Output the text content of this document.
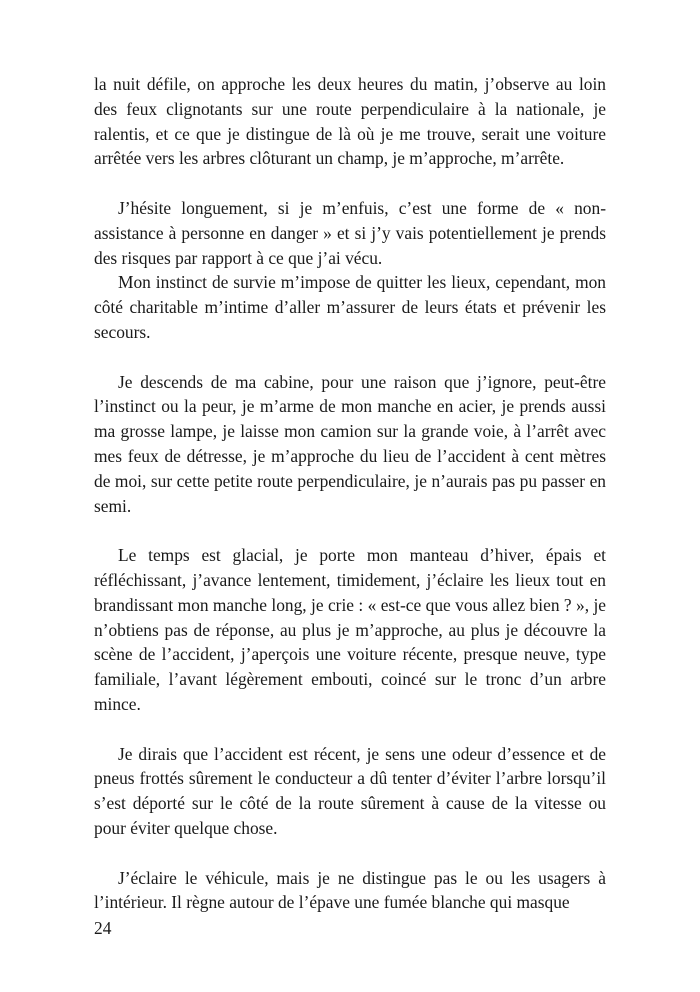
la nuit défile, on approche les deux heures du matin, j’observe au loin des feux clignotants sur une route perpendiculaire à la nationale, je ralentis, et ce que je distingue de là où je me trouve, serait une voiture arrêtée vers les arbres clôturant un champ, je m’approche, m’arrête.

J’hésite longuement, si je m’enfuis, c’est une forme de « non-assistance à personne en danger » et si j’y vais potentiellement je prends des risques par rapport à ce que j’ai vécu.

Mon instinct de survie m’impose de quitter les lieux, cependant, mon côté charitable m’intime d’aller m’assurer de leurs états et prévenir les secours.

Je descends de ma cabine, pour une raison que j’ignore, peut-être l’instinct ou la peur, je m’arme de mon manche en acier, je prends aussi ma grosse lampe, je laisse mon camion sur la grande voie, à l’arrêt avec mes feux de détresse, je m’approche du lieu de l’accident à cent mètres de moi, sur cette petite route perpendiculaire, je n’aurais pas pu passer en semi.

Le temps est glacial, je porte mon manteau d’hiver, épais et réfléchissant, j’avance lentement, timidement, j’éclaire les lieux tout en brandissant mon manche long, je crie : « est-ce que vous allez bien ? », je n’obtiens pas de réponse, au plus je m’approche, au plus je découvre la scène de l’accident, j’aperçois une voiture récente, presque neuve, type familiale, l’avant légèrement embouti, coincé sur le tronc d’un arbre mince.

Je dirais que l’accident est récent, je sens une odeur d’essence et de pneus frottés sûrement le conducteur a dû tenter d’éviter l’arbre lorsqu’il s’est déporté sur le côté de la route sûrement à cause de la vitesse ou pour éviter quelque chose.

J’éclaire le véhicule, mais je ne distingue pas le ou les usagers à l’intérieur. Il règne autour de l’épave une fumée blanche qui masque

24
